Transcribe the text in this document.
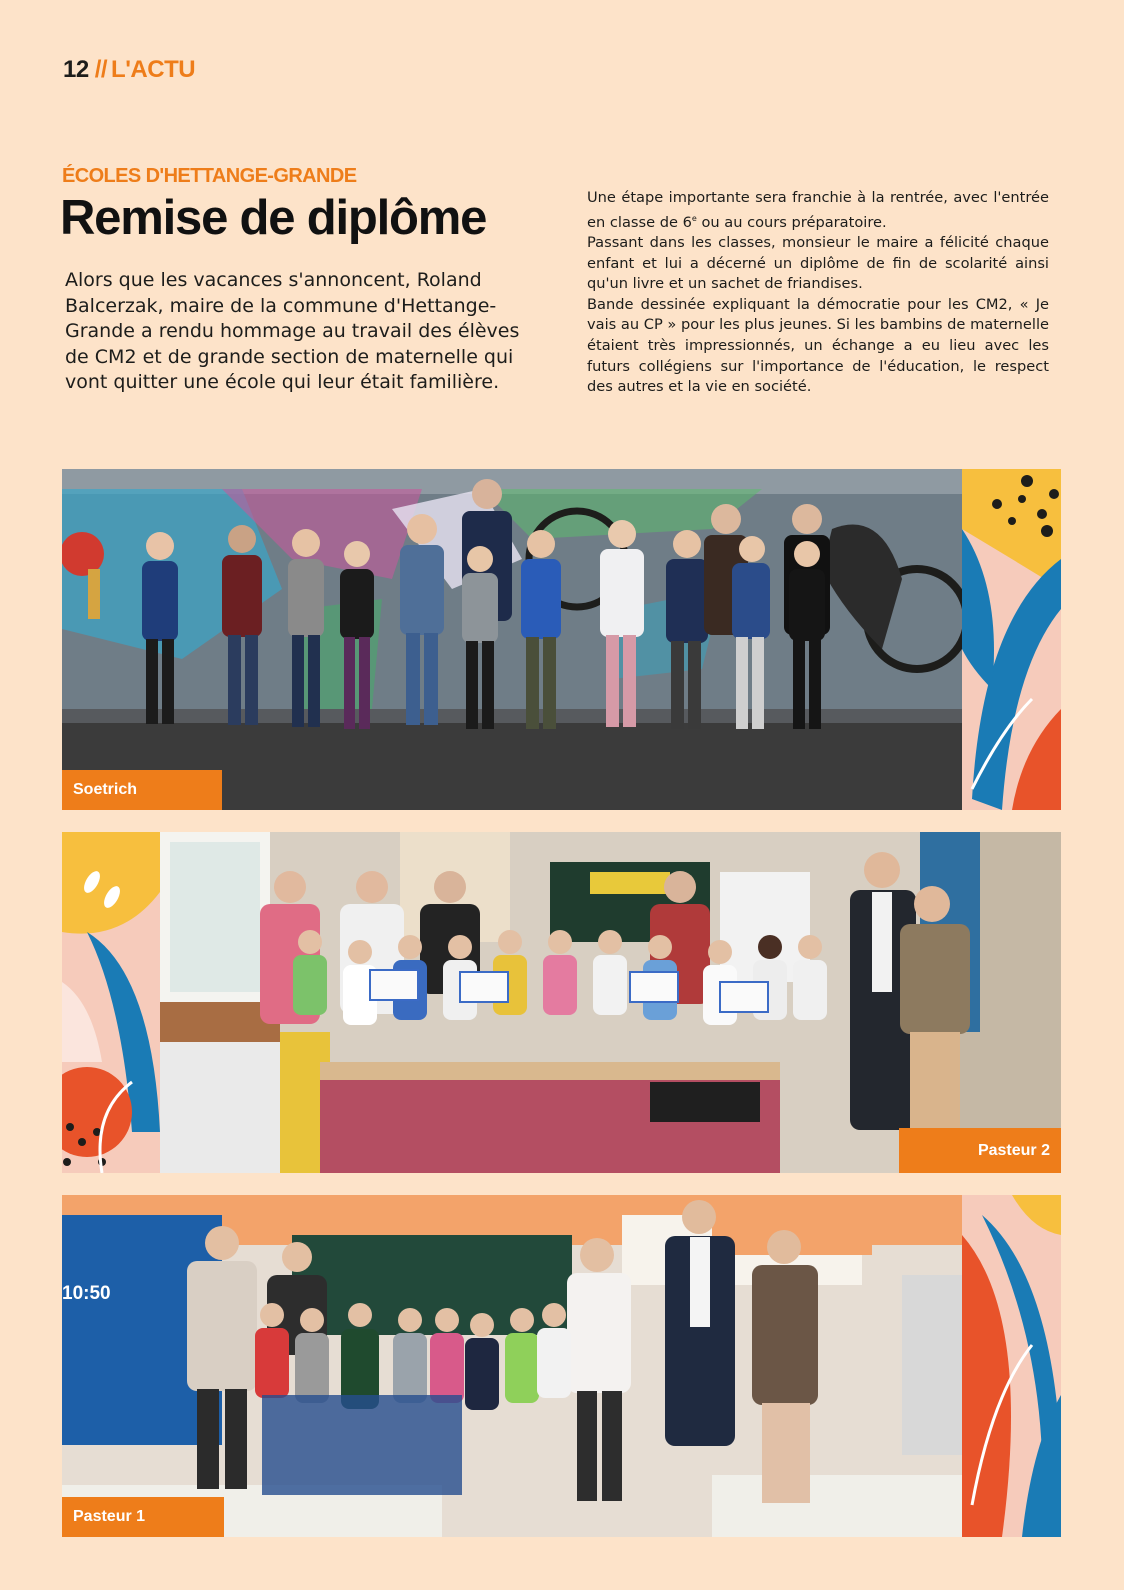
12 // L'ACTU
ÉCOLES D'HETTANGE-GRANDE
Remise de diplôme

Alors que les vacances s'annoncent, Roland Balcerzak, maire de la commune d'Hettange-Grande a rendu hommage au travail des élèves de CM2 et de grande section de maternelle qui vont quitter une école qui leur était familière.

Une étape importante sera franchie à la rentrée, avec l'entrée en classe de 6e ou au cours préparatoire.

Passant dans les classes, monsieur le maire a félicité chaque enfant et lui a décerné un diplôme de fin de scolarité ainsi qu'un livre et un sachet de friandises.

Bande dessinée expliquant la démocratie pour les CM2, « Je vais au CP » pour les plus jeunes. Si les bambins de maternelle étaient très impressionnés, un échange a eu lieu avec les futurs collégiens sur l'importance de l'éducation, le respect des autres et la vie en société.

Soetrich
Pasteur 2
10:50
Pasteur 1
